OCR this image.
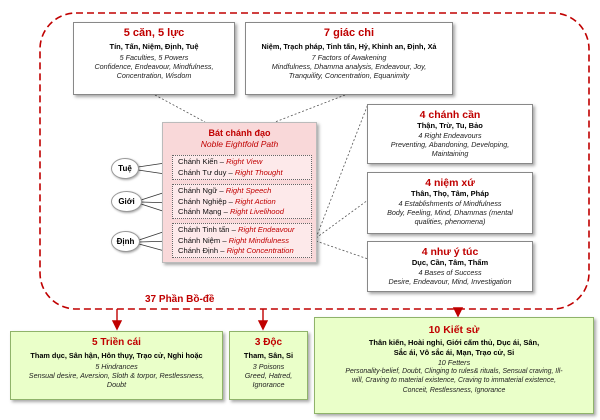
5 căn, 5 lực
Tín, Tấn, Niệm, Định, Tuệ
5 Faculties, 5 Powers
Confidence, Endeavour, Mindfulness,
Concentration, Wisdom
7 giác chi
Niệm, Trạch pháp, Tinh tấn, Hỷ, Khinh an, Định, Xả
7 Factors of Awakening
Mindfulness, Dhamma analysis, Endeavour, Joy,
Tranquility, Concentration, Equanimity
Bát chánh đạo
Noble Eightfold Path
Chánh Kiến – Right View
Chánh Tư duy – Right Thought
Chánh Ngữ – Right Speech
Chánh Nghiệp – Right Action
Chánh Mạng – Right Livelihood
Chánh Tinh tấn – Right Endeavour
Chánh Niệm – Right Mindfulness
Chánh Định – Right Concentration
Tuệ
Giới
Định
4 chánh cần
Thận, Trừ, Tu, Bảo
4 Right Endeavours
Preventing, Abandoning, Developing,
Maintaining
4 niệm xứ
Thân, Thọ, Tâm, Pháp
4 Establishments of Mindfulness
Body, Feeling, Mind, Dhammas (mental
qualities, phenomena)
4 như ý túc
Dục, Cần, Tâm, Thẩm
4 Bases of Success
Desire, Endeavour, Mind, Investigation
37 Phần Bồ-đề
5 Triền cái
Tham dục, Sân hận, Hôn thụy, Trạo cử, Nghi hoặc
5 Hindrances
Sensual desire, Aversion, Sloth & torpor, Restlessness,
Doubt
3 Độc
Tham, Sân, Si
3 Poisons
Greed, Hatred, Ignorance
10 Kiết sử
Thân kiến, Hoài nghi, Giới cấm thủ, Dục ái, Sân,
Sắc ái, Vô sắc ái, Mạn, Trạo cử, Si
10 Fetters
Personality-belief, Doubt, Clinging to rules& rituals, Sensual craving, Ill-
will, Craving to material existence, Craving to immaterial existence,
Conceit, Restlessness, Ignorance
